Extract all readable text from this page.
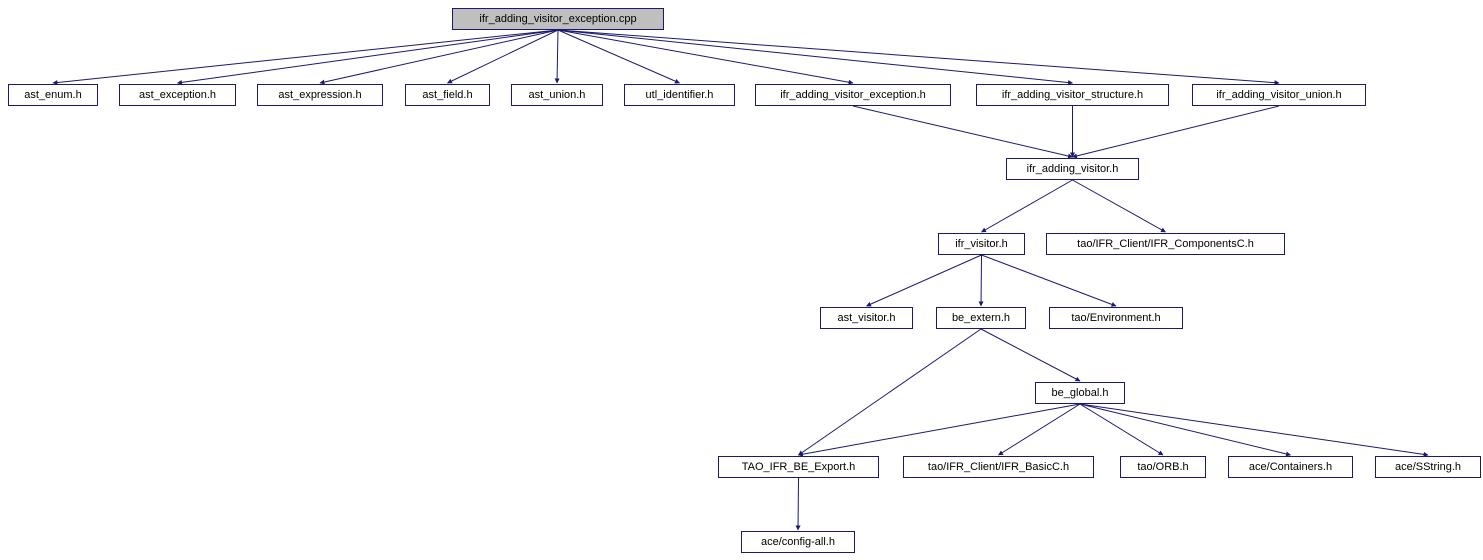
ifr_adding_visitor_exception.cpp
ast_enum.h	ast_exception.h	ast_expression.h	ast_field.h	ast_union.h	utl_identifier.h	ifr_adding_visitor_exception.h	ifr_adding_visitor_structure.h	ifr_adding_visitor_union.h
ifr_adding_visitor.h
ifr_visitor.h	tao/IFR_Client/IFR_ComponentsC.h
ast_visitor.h	be_extern.h	tao/Environment.h
be_global.h
TAO_IFR_BE_Export.h	tao/IFR_Client/IFR_BasicC.h	tao/ORB.h	ace/Containers.h	ace/SString.h
ace/config-all.h
